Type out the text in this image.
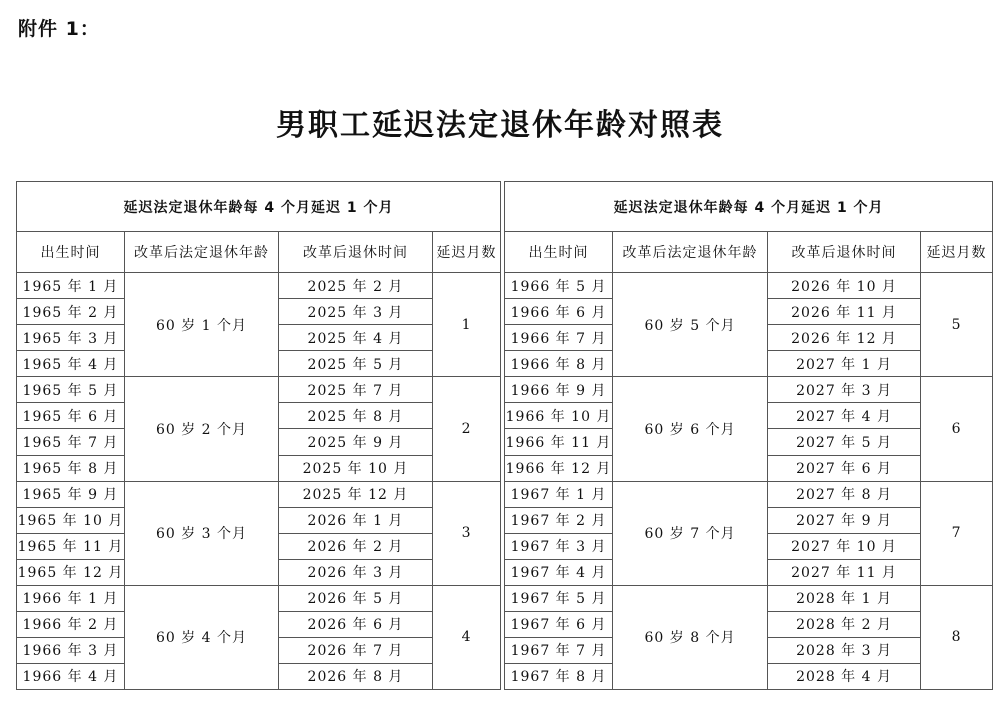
附件 1：
男职工延迟法定退休年龄对照表
延迟法定退休年龄每 4 个月延迟 1 个月			
出生时间	改革后法定退休年龄	改革后退休时间	延迟月数
1965 年 1 月	60 岁 1 个月	2025 年 2 月	1
1965 年 2 月		2025 年 3 月	
1965 年 3 月		2025 年 4 月	
1965 年 4 月		2025 年 5 月	
1965 年 5 月	60 岁 2 个月	2025 年 7 月	2
1965 年 6 月		2025 年 8 月	
1965 年 7 月		2025 年 9 月	
1965 年 8 月		2025 年 10 月	
1965 年 9 月	60 岁 3 个月	2025 年 12 月	3
1965 年 10 月		2026 年 1 月	
1965 年 11 月		2026 年 2 月	
1965 年 12 月		2026 年 3 月	
1966 年 1 月	60 岁 4 个月	2026 年 5 月	4
1966 年 2 月		2026 年 6 月	
1966 年 3 月		2026 年 7 月	
1966 年 4 月		2026 年 8 月	
延迟法定退休年龄每 4 个月延迟 1 个月			
出生时间	改革后法定退休年龄	改革后退休时间	延迟月数
1966 年 5 月	60 岁 5 个月	2026 年 10 月	5
1966 年 6 月		2026 年 11 月	
1966 年 7 月		2026 年 12 月	
1966 年 8 月		2027 年 1 月	
1966 年 9 月	60 岁 6 个月	2027 年 3 月	6
1966 年 10 月		2027 年 4 月	
1966 年 11 月		2027 年 5 月	
1966 年 12 月		2027 年 6 月	
1967 年 1 月	60 岁 7 个月	2027 年 8 月	7
1967 年 2 月		2027 年 9 月	
1967 年 3 月		2027 年 10 月	
1967 年 4 月		2027 年 11 月	
1967 年 5 月	60 岁 8 个月	2028 年 1 月	8
1967 年 6 月		2028 年 2 月	
1967 年 7 月		2028 年 3 月	
1967 年 8 月		2028 年 4 月	
